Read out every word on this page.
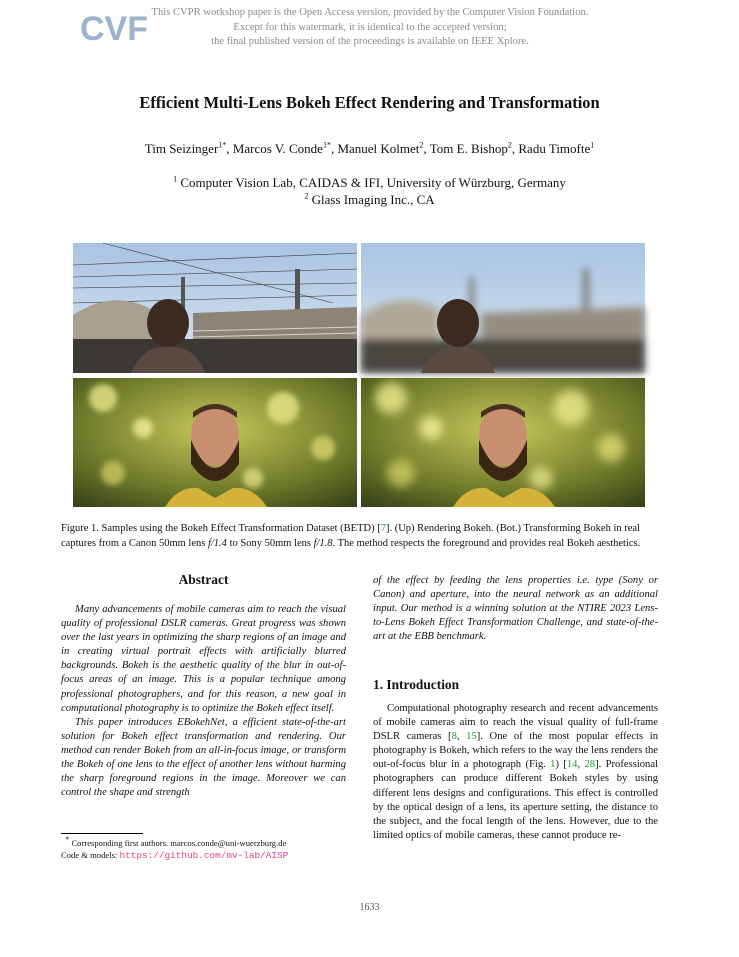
CVF This CVPR workshop paper is the Open Access version, provided by the Computer Vision Foundation.
Except for this watermark, it is identical to the accepted version;
the final published version of the proceedings is available on IEEE Xplore.
Efficient Multi-Lens Bokeh Effect Rendering and Transformation
Tim Seizinger$^{1*}$, Marcos V. Conde$^{1*}$, Manuel Kolmet$^2$, Tom E. Bishop$^2$, Radu Timofte$^1$
$^1$ Computer Vision Lab, CAIDAS & IFI, University of Würzburg, Germany
$^2$ Glass Imaging Inc., CA
Figure 1. Samples using the Bokeh Effect Transformation Dataset (BETD) [7]. (Up) Rendering Bokeh. (Bot.) Transforming Bokeh in real captures from a Canon 50mm lens f/1.4 to Sony 50mm lens f/1.8. The method respects the foreground and provides real Bokeh aesthetics.
Abstract

Many advancements of mobile cameras aim to reach the visual quality of professional DSLR cameras. Great progress was shown over the last years in optimizing the sharp regions of an image and in creating virtual portrait effects with artificially blurred backgrounds. Bokeh is the aesthetic quality of the blur in out-of-focus areas of an image. This is a popular technique among professional photographers, and for this reason, a new goal in computational photography is to optimize the Bokeh effect itself.

This paper introduces EBokehNet, a efficient state-of-the-art solution for Bokeh effect transformation and rendering. Our method can render Bokeh from an all-in-focus image, or transform the Bokeh of one lens to the effect of another lens without harming the sharp foreground regions in the image. Moreover we can control the shape and strength

of the effect by feeding the lens properties i.e. type (Sony or Canon) and aperture, into the neural network as an additional input. Our method is a winning solution at the NTIRE 2023 Lens-to-Lens Bokeh Effect Transformation Challenge, and state-of-the-art at the EBB benchmark.

1. Introduction

Computational photography research and recent advancements of mobile cameras aim to reach the visual quality of full-frame DSLR cameras [8, 15]. One of the most popular effects in photography is Bokeh, which refers to the way the lens renders the out-of-focus blur in a photograph (Fig. 1) [14, 28]. Professional photographers can produce different Bokeh styles by using different lens designs and configurations. This effect is controlled by the optical design of a lens, its aperture setting, the distance to the subject, and the focal length of the lens. However, due to the limited optics of mobile cameras, these cannot produce re-

* Corresponding first authors. marcos.conde@uni-wuerzburg.de
Code & models: https://github.com/mv-lab/AISP
1633
